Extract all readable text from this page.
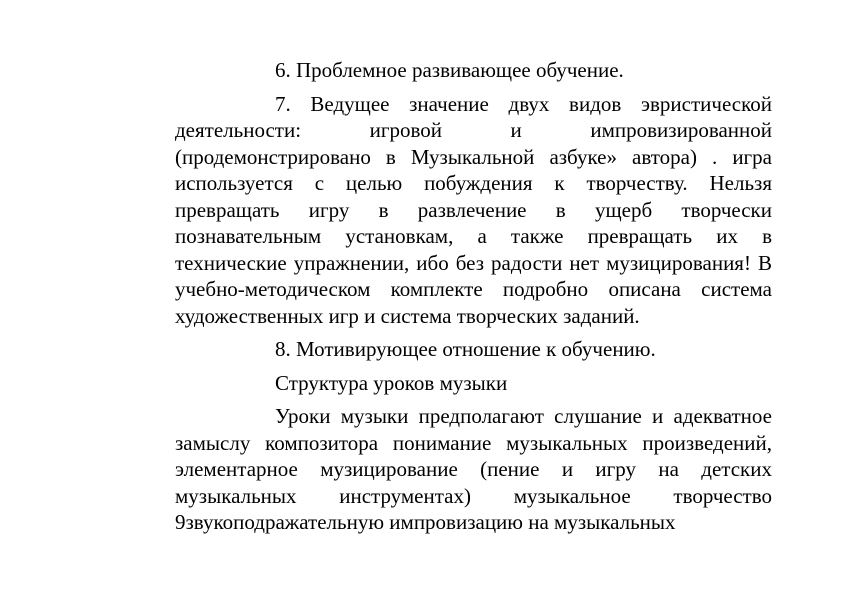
6. Проблемное развивающее обучение.

7. Ведущее значение двух видов эвристической деятельности: игровой и импровизированной (продемонстрировано в Музыкальной азбуке» автора) . игра используется с целью побуждения к творчеству. Нельзя превращать игру в развлечение в ущерб творчески познавательным установкам, а также превращать их в технические упражнении, ибо без радости нет музицирования! В учебно-методическом комплекте подробно описана система художественных игр и система творческих заданий.

8. Мотивирующее отношение к обучению.

Структура уроков музыки

Уроки музыки предполагают слушание и адекватное замыслу композитора понимание музыкальных произведений, элементарное музицирование (пение и игру на детских музыкальных инструментах) музыкальное творчество 9звукоподражательную импровизацию на музыкальных
